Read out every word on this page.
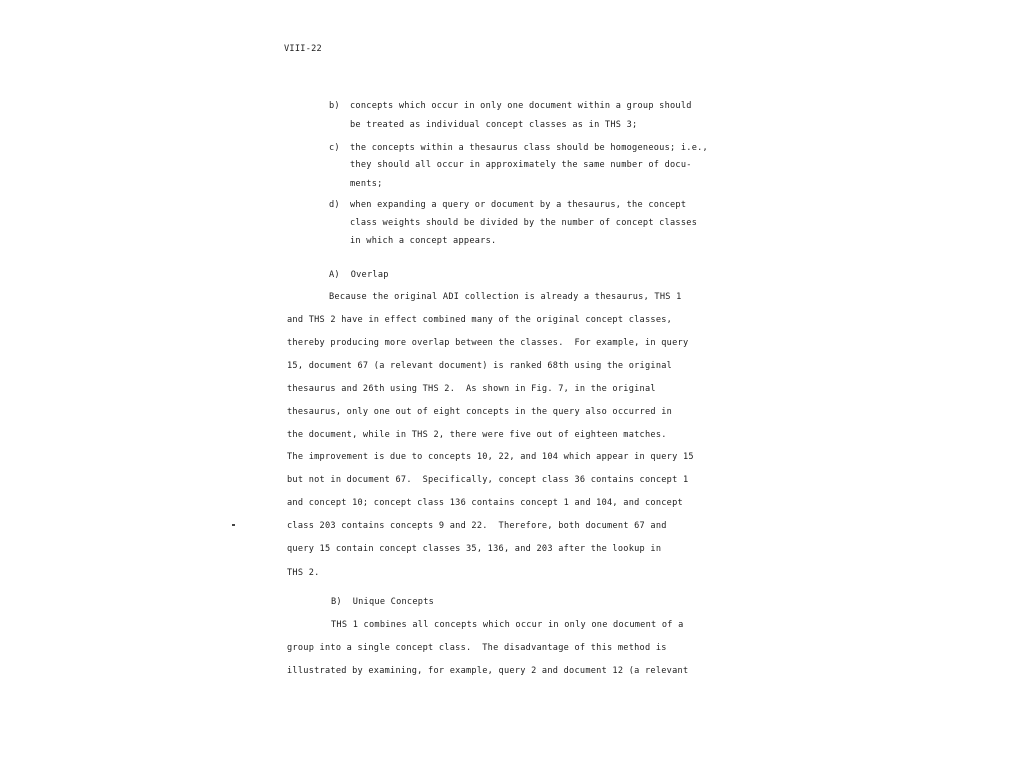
VIII-22
b) concepts which occur in only one document within a group should
be treated as individual concept classes as in THS 3;
c) the concepts within a thesaurus class should be homogeneous; i.e.,
they should all occur in approximately the same number of docu-
ments;
d) when expanding a query or document by a thesaurus, the concept
class weights should be divided by the number of concept classes
in which a concept appears.
A)  Overlap
Because the original ADI collection is already a thesaurus, THS 1
and THS 2 have in effect combined many of the original concept classes,
thereby producing more overlap between the classes.  For example, in query
15, document 67 (a relevant document) is ranked 68th using the original
thesaurus and 26th using THS 2.  As shown in Fig. 7, in the original
thesaurus, only one out of eight concepts in the query also occurred in
the document, while in THS 2, there were five out of eighteen matches.
The improvement is due to concepts 10, 22, and 104 which appear in query 15
but not in document 67.  Specifically, concept class 36 contains concept 1
and concept 10; concept class 136 contains concept 1 and 104, and concept
class 203 contains concepts 9 and 22.  Therefore, both document 67 and
query 15 contain concept classes 35, 136, and 203 after the lookup in
THS 2.
B)  Unique Concepts
THS 1 combines all concepts which occur in only one document of a
group into a single concept class.  The disadvantage of this method is
illustrated by examining, for example, query 2 and document 12 (a relevant
